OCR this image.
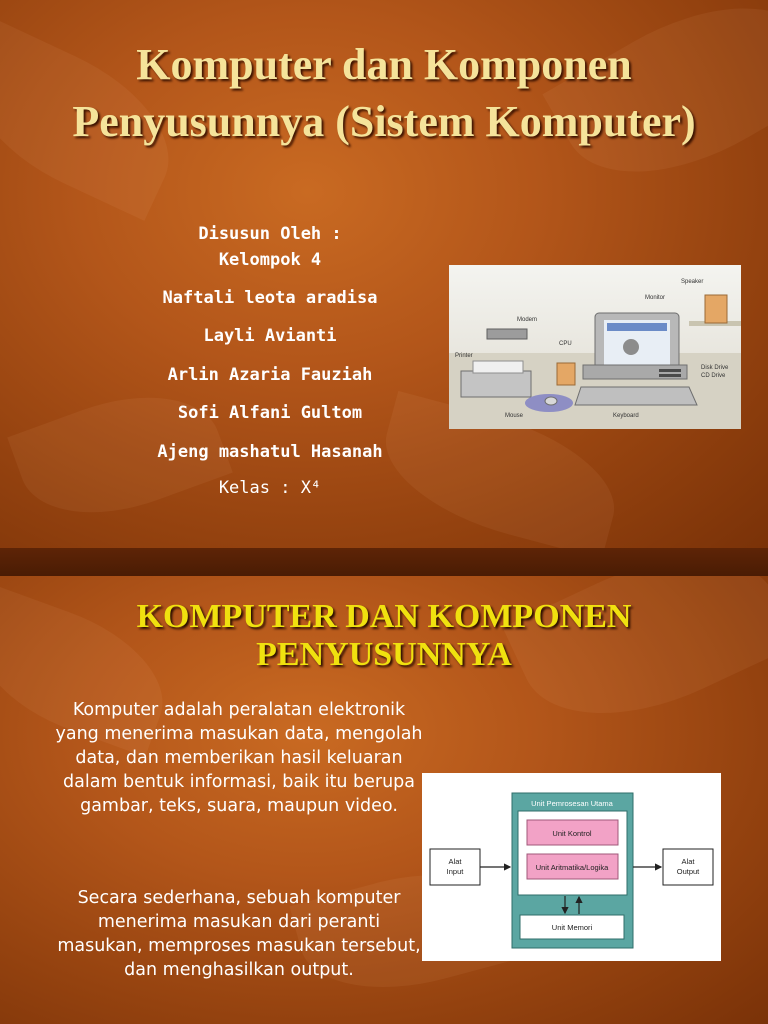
Komputer dan Komponen Penyusunnya (Sistem Komputer)
Disusun Oleh :
Kelompok 4
Naftali leota aradisa
Layli Avianti
Arlin Azaria Fauziah
Sofi Alfani Gultom
Ajeng mashatul Hasanah
Kelas : X⁴
Speaker
Monitor
Modem
CPU
Printer
Disk Drive
CD Drive
Mouse	Keyboard
KOMPUTER DAN KOMPONEN PENYUSUNNYA
Komputer adalah peralatan elektronik yang menerima masukan data, mengolah data, dan memberikan hasil keluaran dalam bentuk informasi, baik itu berupa gambar, teks, suara, maupun video.
Secara sederhana, sebuah komputer menerima masukan dari peranti masukan, memproses masukan tersebut, dan menghasilkan output.
Unit Pemrosesan Utama
Unit Kontrol
Unit Aritmatika/Logika
Unit Memori
Alat
Input
Alat
Output
